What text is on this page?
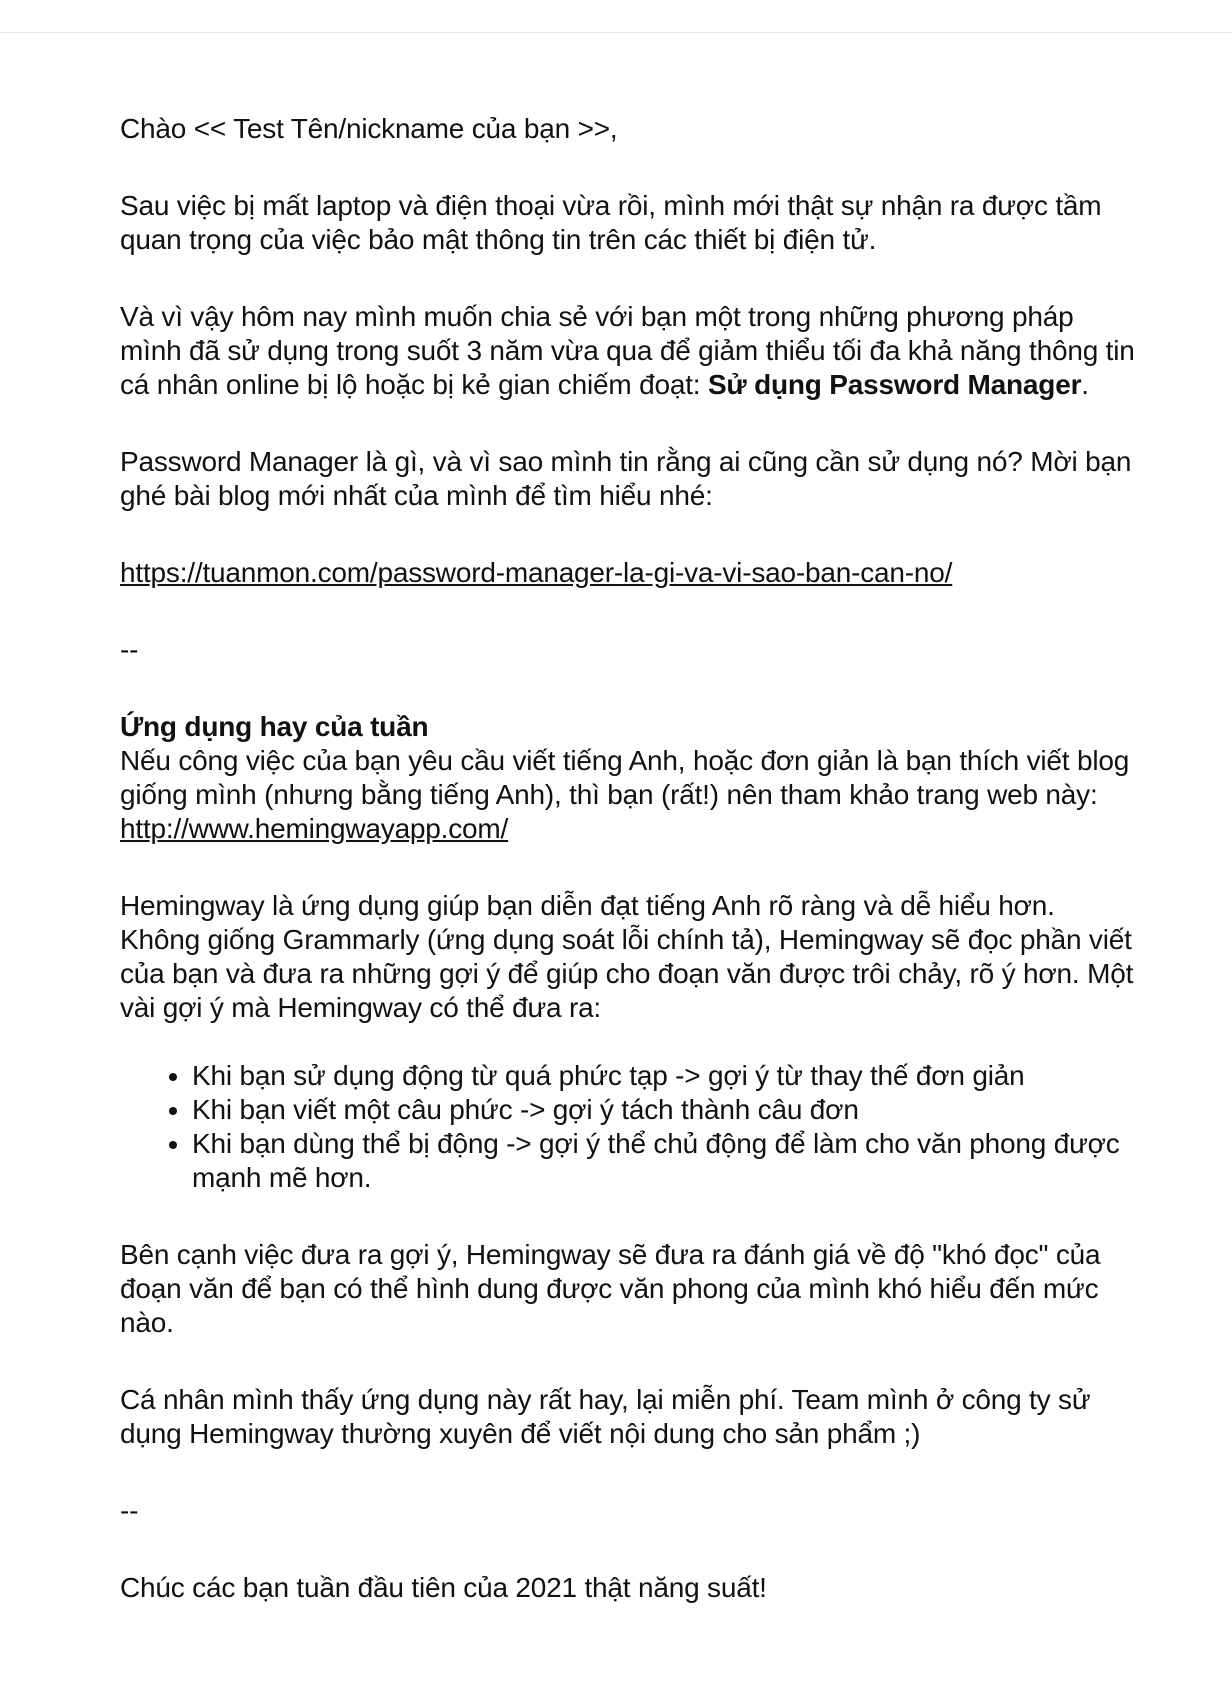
Chào << Test Tên/nickname của bạn >>,

Sau việc bị mất laptop và điện thoại vừa rồi, mình mới thật sự nhận ra được tầm quan trọng của việc bảo mật thông tin trên các thiết bị điện tử.

Và vì vậy hôm nay mình muốn chia sẻ với bạn một trong những phương pháp mình đã sử dụng trong suốt 3 năm vừa qua để giảm thiểu tối đa khả năng thông tin cá nhân online bị lộ hoặc bị kẻ gian chiếm đoạt: Sử dụng Password Manager.

Password Manager là gì, và vì sao mình tin rằng ai cũng cần sử dụng nó? Mời bạn ghé bài blog mới nhất của mình để tìm hiểu nhé:

https://tuanmon.com/password-manager-la-gi-va-vi-sao-ban-can-no/

--

Ứng dụng hay của tuần
Nếu công việc của bạn yêu cầu viết tiếng Anh, hoặc đơn giản là bạn thích viết blog giống mình (nhưng bằng tiếng Anh), thì bạn (rất!) nên tham khảo trang web này: http://www.hemingwayapp.com/

Hemingway là ứng dụng giúp bạn diễn đạt tiếng Anh rõ ràng và dễ hiểu hơn. Không giống Grammarly (ứng dụng soát lỗi chính tả), Hemingway sẽ đọc phần viết của bạn và đưa ra những gợi ý để giúp cho đoạn văn được trôi chảy, rõ ý hơn. Một vài gợi ý mà Hemingway có thể đưa ra:

• Khi bạn sử dụng động từ quá phức tạp -> gợi ý từ thay thế đơn giản
• Khi bạn viết một câu phức -> gợi ý tách thành câu đơn
• Khi bạn dùng thể bị động -> gợi ý thể chủ động để làm cho văn phong được mạnh mẽ hơn.

Bên cạnh việc đưa ra gợi ý, Hemingway sẽ đưa ra đánh giá về độ "khó đọc" của đoạn văn để bạn có thể hình dung được văn phong của mình khó hiểu đến mức nào.

Cá nhân mình thấy ứng dụng này rất hay, lại miễn phí. Team mình ở công ty sử dụng Hemingway thường xuyên để viết nội dung cho sản phẩm ;)

--

Chúc các bạn tuần đầu tiên của 2021 thật năng suất!
